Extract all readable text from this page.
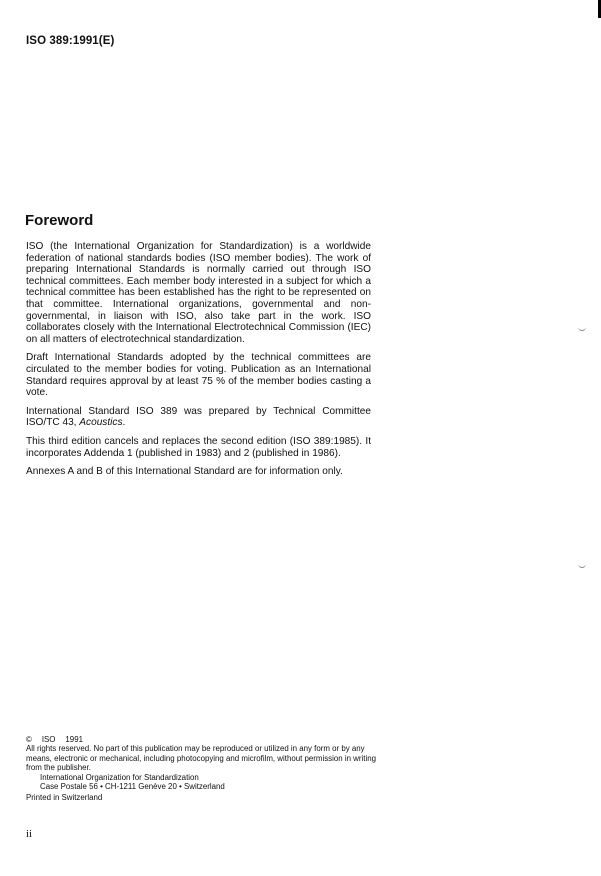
ISO 389:1991(E)
Foreword

ISO (the International Organization for Standardization) is a worldwide federation of national standards bodies (ISO member bodies). The work of preparing International Standards is normally carried out through ISO technical committees. Each member body interested in a subject for which a technical committee has been established has the right to be represented on that committee. International organizations, governmental and non-governmental, in liaison with ISO, also take part in the work. ISO collaborates closely with the International Electrotechnical Commission (IEC) on all matters of electrotechnical standardization.

Draft International Standards adopted by the technical committees are circulated to the member bodies for voting. Publication as an International Standard requires approval by at least 75 % of the member bodies casting a vote.

International Standard ISO 389 was prepared by Technical Committee ISO/TC 43, Acoustics.

This third edition cancels and replaces the second edition (ISO 389:1985). It incorporates Addenda 1 (published in 1983) and 2 (published in 1986).

Annexes A and B of this International Standard are for information only.

© ISO 1991
All rights reserved. No part of this publication may be reproduced or utilized in any form or by any means, electronic or mechanical, including photocopying and microfilm, without permission in writing from the publisher.
International Organization for Standardization
Case Postale 56 • CH-1211 Genève 20 • Switzerland
Printed in Switzerland
ii
